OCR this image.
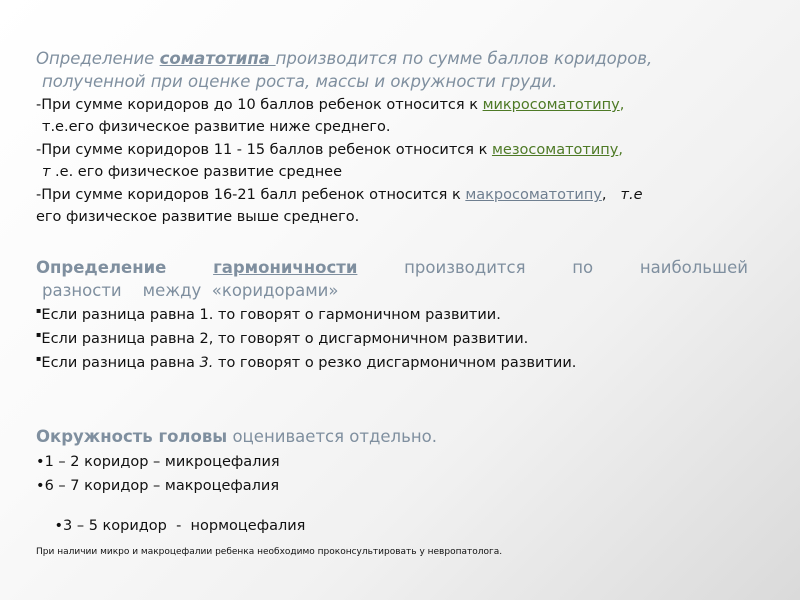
Определение соматотипа производится по сумме баллов коридоров,
полученной при оценке роста, массы и окружности груди.
-При сумме коридоров до 10 баллов ребенок относится к микросоматотипу,
т.е.его физическое развитие ниже среднего.
-При сумме коридоров 11 - 15 баллов ребенок относится к мезосоматотипу,
т .е. его физическое развитие среднее
-При сумме коридоров 16-21 балл ребенок относится к макросоматотипу, т.е
его физическое развитие выше среднего.
Определение	гармоничности	производится	по	наибольшей
разности    между  «коридорами»
▪Если разница равна 1. то говорят о гармоничном развитии.
▪Если разница равна 2, то говорят о дисгармоничном развитии.
▪Если разница равна 3. то говорят о резко дисгармоничном развитии.
Окружность головы оценивается отдельно.
•1 – 2 коридор – микроцефалия
•6 – 7 коридор – макроцефалия

•3 – 5 коридор  -  нормоцефалия

При наличии микро и макроцефалии ребенка необходимо проконсультировать у невропатолога.
